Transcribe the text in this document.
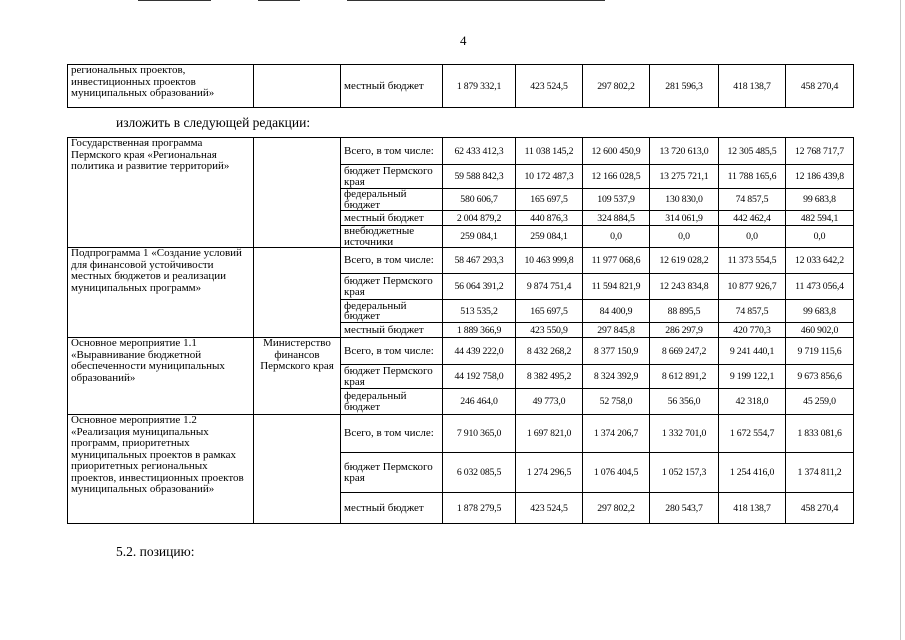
4
региональных проектов, инвестиционных проектов муниципальных образований»		местный бюджет	1 879 332,1	423 524,5	297 802,2	281 596,3	418 138,7	458 270,4
изложить в следующей редакции:
Государственная программа Пермского края «Региональная политика и развитие территорий»		Всего, в том числе:	62 433 412,3	11 038 145,2	12 600 450,9	13 720 613,0	12 305 485,5	12 768 717,7
		бюджет Пермского края	59 588 842,3	10 172 487,3	12 166 028,5	13 275 721,1	11 788 165,6	12 186 439,8
		федеральный бюджет	580 606,7	165 697,5	109 537,9	130 830,0	74 857,5	99 683,8
		местный бюджет	2 004 879,2	440 876,3	324 884,5	314 061,9	442 462,4	482 594,1
		внебюджетные источники	259 084,1	259 084,1	0,0	0,0	0,0	0,0
Подпрограмма 1 «Создание условий для финансовой устойчивости местных бюджетов и реализации муниципальных программ»		Всего, в том числе:	58 467 293,3	10 463 999,8	11 977 068,6	12 619 028,2	11 373 554,5	12 033 642,2
		бюджет Пермского края	56 064 391,2	9 874 751,4	11 594 821,9	12 243 834,8	10 877 926,7	11 473 056,4
		федеральный бюджет	513 535,2	165 697,5	84 400,9	88 895,5	74 857,5	99 683,8
		местный бюджет	1 889 366,9	423 550,9	297 845,8	286 297,9	420 770,3	460 902,0
Основное мероприятие 1.1 «Выравнивание бюджетной обеспеченности муниципальных образований»	Министерство финансов Пермского края	Всего, в том числе:	44 439 222,0	8 432 268,2	8 377 150,9	8 669 247,2	9 241 440,1	9 719 115,6
		бюджет Пермского края	44 192 758,0	8 382 495,2	8 324 392,9	8 612 891,2	9 199 122,1	9 673 856,6
		федеральный бюджет	246 464,0	49 773,0	52 758,0	56 356,0	42 318,0	45 259,0
Основное мероприятие 1.2 «Реализация муниципальных программ, приоритетных муниципальных проектов в рамках приоритетных региональных проектов, инвестиционных проектов муниципальных образований»		Всего, в том числе:	7 910 365,0	1 697 821,0	1 374 206,7	1 332 701,0	1 672 554,7	1 833 081,6
		бюджет Пермского края	6 032 085,5	1 274 296,5	1 076 404,5	1 052 157,3	1 254 416,0	1 374 811,2
		местный бюджет	1 878 279,5	423 524,5	297 802,2	280 543,7	418 138,7	458 270,4
5.2. позицию:
